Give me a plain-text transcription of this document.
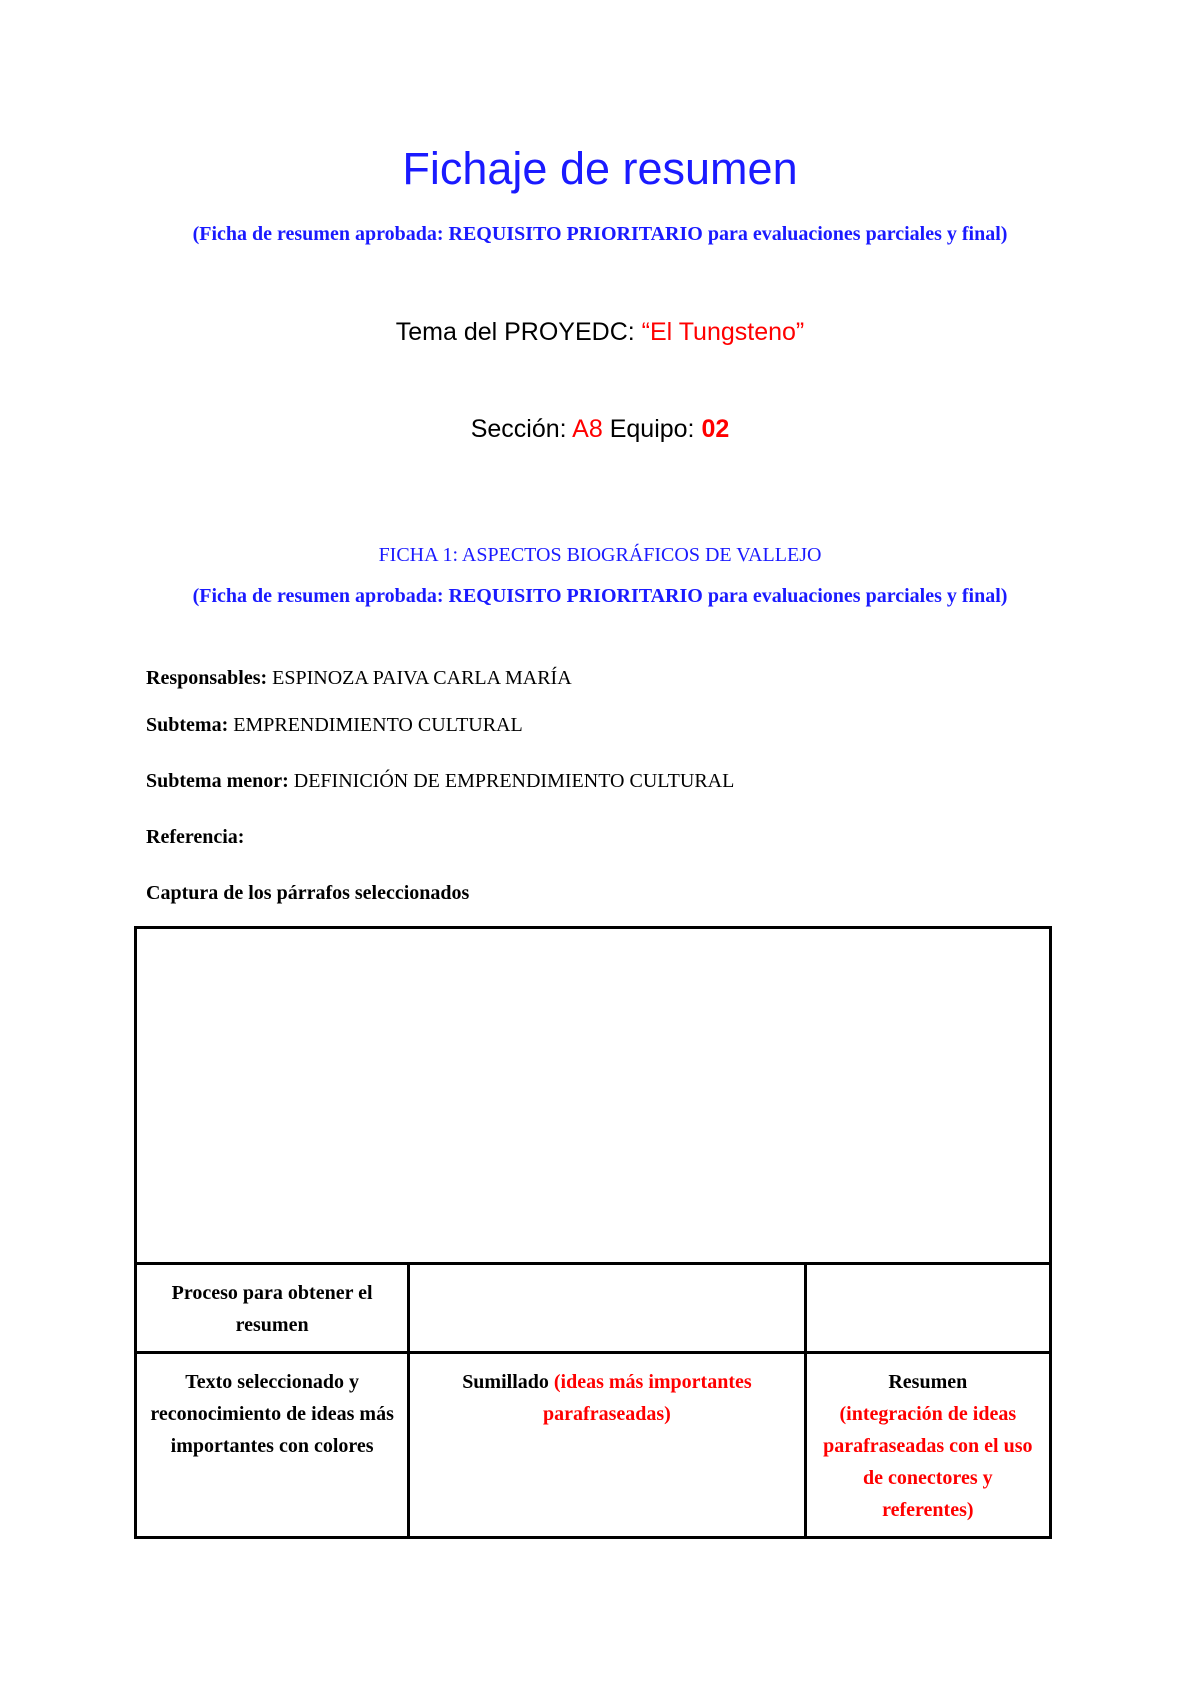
Fichaje de resumen
(Ficha de resumen aprobada: REQUISITO PRIORITARIO para evaluaciones parciales y final)
Tema del PROYEDC: “El Tungsteno”
Sección: A8 Equipo: 02
FICHA 1: ASPECTOS BIOGRÁFICOS DE VALLEJO
(Ficha de resumen aprobada: REQUISITO PRIORITARIO para evaluaciones parciales y final)
Responsables: ESPINOZA PAIVA CARLA MARÍA
Subtema: EMPRENDIMIENTO CULTURAL
Subtema menor: DEFINICIÓN DE EMPRENDIMIENTO CULTURAL
Referencia:
Captura de los párrafos seleccionados

Proceso para obtener el resumen		
Texto seleccionado y reconocimiento de ideas más importantes con colores	Sumillado (ideas más importantes parafraseadas)	Resumen
(integración de ideas parafraseadas con el uso de conectores y referentes)
